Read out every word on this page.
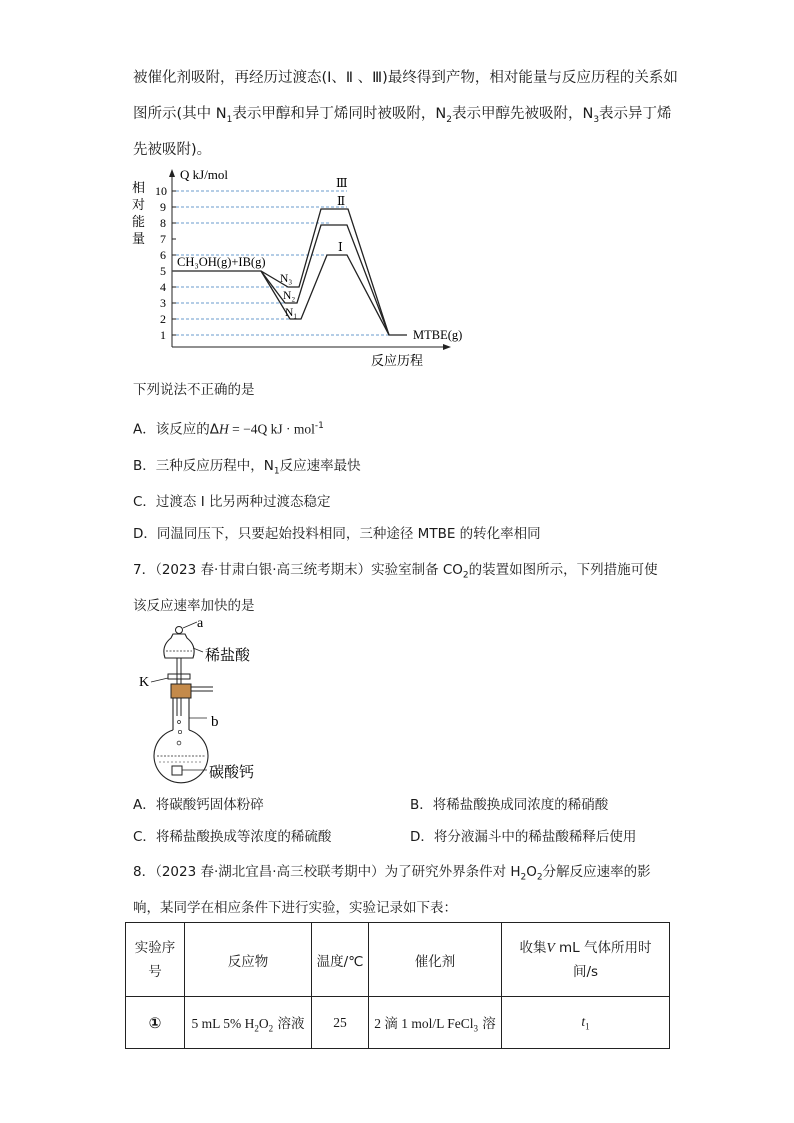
被催化剂吸附，再经历过渡态(Ⅰ、Ⅱ 、Ⅲ)最终得到产物，相对能量与反应历程的关系如
图所示(其中 $N_1$表示甲醇和异丁烯同时被吸附，$N_2$表示甲醇先被吸附，$N_3$表示异丁烯
先被吸附)。
Q kJ/mol
相
对
能
量
1
2
3
4
5
6
7
8
9
10
CH₃OH(g)+IB(g)
MTBE(g)
N₃
N₂
N₁
Ⅲ
Ⅱ
Ⅰ
反应历程
下列说法不正确的是
A．该反应的ΔH = −4Q kJ · mol$^{-1}$
B．三种反应历程中，$N_1$反应速率最快
C．过渡态 Ⅰ 比另两种过渡态稳定
D．同温同压下，只要起始投料相同，三种途径 MTBE 的转化率相同
7．（2023 春·甘肃白银·高三统考期末）实验室制备 $CO_2$的装置如图所示，下列措施可使
该反应速率加快的是
a
稀盐酸
K
b
碳酸钙
A．将碳酸钙固体粉碎	B．将稀盐酸换成同浓度的稀硝酸
C．将稀盐酸换成等浓度的稀硫酸	D．将分液漏斗中的稀盐酸稀释后使用
8．（2023 春·湖北宜昌·高三校联考期中）为了研究外界条件对 $H_2O_2$分解反应速率的影
响，某同学在相应条件下进行实验，实验记录如下表：
实验序
号	反应物	温度/℃	催化剂	收集V mL 气体所用时
间/s
①	5 mL 5% $H_2O_2$ 溶液	25	2 滴 1 mol/L FeCl$_3$ 溶	$t_1$
